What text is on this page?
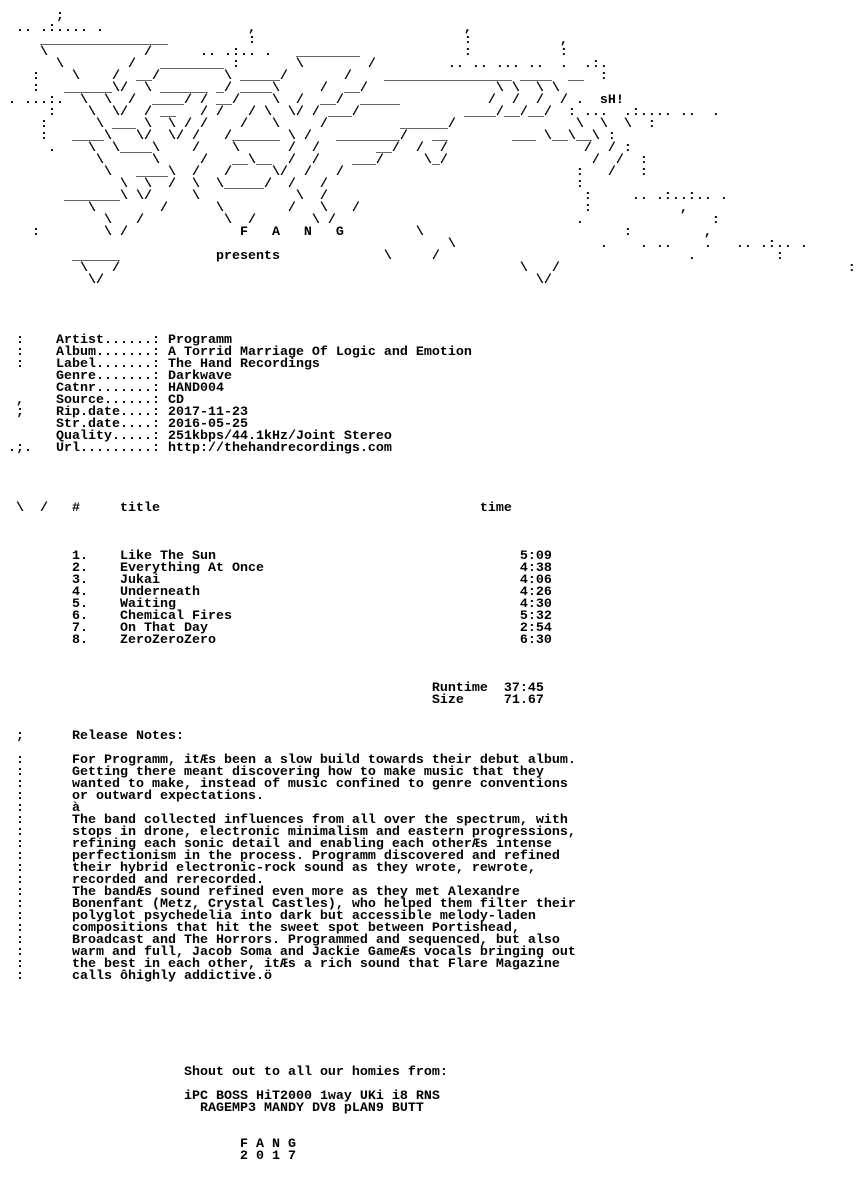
;
.. .:.... .                  ,                          ,
________________          :                          :           ,
\            /      .. .:.. .   ________             :           :
\        /   ________ :       \        /         .. .. ... ..  .  .:.
:    \    /  __/        \ _____/       /    ________________ ____  __  :
:   ______\/  \ ______ _/ ____\     /  __/                \ \  \ \
. ...:.  \  \  /  ____/ / __/    \  /  __/  _____           /  /  /  / .  sH!
:    \  \/  / __   / /   / \  \/ / ___/             ____/__/__/  : ...  .:.... ..  .
:      \ ___ \  \ / /    /   \     /         ______/               \  \  \  :
:   ____\   \/  \/ /   /______ \ /   ________/   __        ___ \__\__\ :
.    \  \____\    /    \      /  /       __/  /  /                 /  / :
\      \     /   __\__  /  /    ___/     \_/                  /  /  :
\   ____\  /   /     \/  /   /                             :   /   :
\  \  /  \  \_____/  /   /                               :
_______\ \/     \            \  /                                :     .. .:..:.. .
\        /      \        /   \   /                            :           ,
\   /          \  /       \ /                              .                :
:        \ /              F   A   N   G         \                         :         ,
\                  .    . ..    .   .. .:.. .
______            presents             \     /                               .          :
\   /                                                  \   /                                    :
\/                                                      \/
:    Artist......: Programm
:    Album.......: A Torrid Marriage Of Logic and Emotion
:    Label.......: The Hand Recordings
Genre.......: Darkwave
Catnr.......: HAND004
,    Source......: CD
;    Rip.date....: 2017-11-23
Str.date....: 2016-05-25
Quality.....: 251kbps/44.1kHz/Joint Stereo
.;.   Url.........: http://thehandrecordings.com
\  /   #	title	time
1. Like The Sun	5:09
2. Everything At Once	4:38
3. Jukai	4:06
4. Underneath	4:26
5. Waiting	4:30
6. Chemical Fires	5:32
7. On That Day	2:54
8. ZeroZeroZero	6:30
Runtime 37:45
Size	71.67
;      Release Notes:
:      For Programm, itÆs been a slow build towards their debut album.
:      Getting there meant discovering how to make music that they
:      wanted to make, instead of music confined to genre conventions
:      or outward expectations.
:      à
:      The band collected influences from all over the spectrum, with
:      stops in drone, electronic minimalism and eastern progressions,
:      refining each sonic detail and enabling each otherÆs intense
:      perfectionism in the process. Programm discovered and refined
:      their hybrid electronic-rock sound as they wrote, rewrote,
:      recorded and rerecorded.
:      The bandÆs sound refined even more as they met Alexandre
:      Bonenfant (Metz, Crystal Castles), who helped them filter their
:      polyglot psychedelia into dark but accessible melody-laden
:      compositions that hit the sweet spot between Portishead,
:      Broadcast and The Horrors. Programmed and sequenced, but also
:      warm and full, Jacob Soma and Jackie GameÆs vocals bringing out
:      the best in each other, itÆs a rich sound that Flare Magazine
:      calls ôhighly addictive.ö
Shout out to all our homies from:
iPC BOSS HiT2000 1way UKi i8 RNS
RAGEMP3 MANDY DV8 pLAN9 BUTT
F A N G
2 0 1 7
